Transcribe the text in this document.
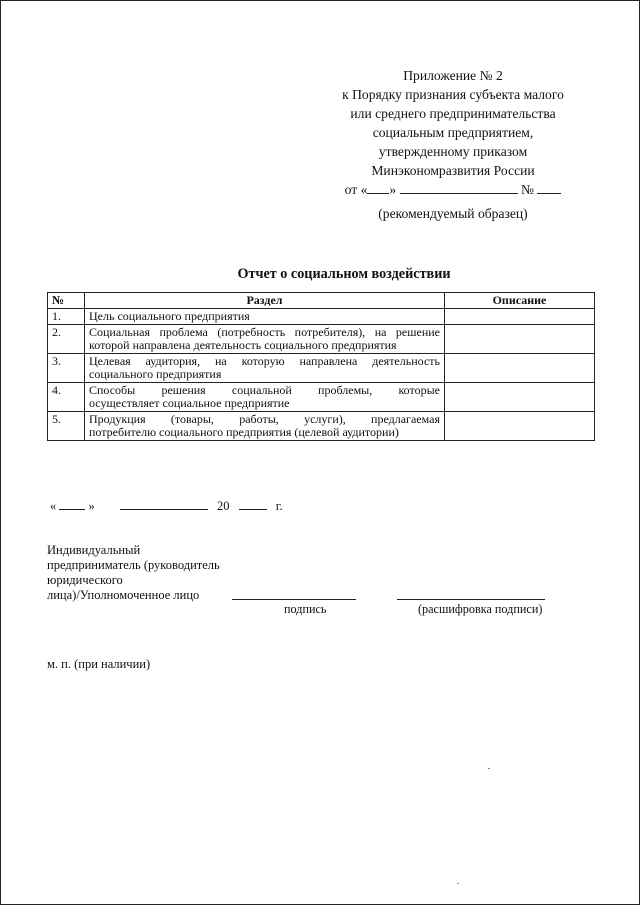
Приложение № 2
к Порядку признания субъекта малого
или среднего предпринимательства
социальным предприятием,
утвержденному приказом
Минэкономразвития России
от « »	№
(рекомендуемый образец)
Отчет о социальном воздействии
№	Раздел	Описание
1.	Цель социального предприятия	
2.	Социальная проблема (потребность потребителя), на решение
которой направлена деятельность социального предприятия	

3.	Целевая аудитория, на которую направлена деятельность
социального предприятия	

4.	Способы решения социальной проблемы, которые
осуществляет социальное предприятие	

5.	Продукция (товары, работы, услуги), предлагаемая
потребителю социального предприятия (целевой аудитории)	

«	»	20	г.
Индивидуальный
предприниматель (руководитель
юридического
лица)/Уполномоченное лицо
подпись	(расшифровка подписи)
м. п. (при наличии)
